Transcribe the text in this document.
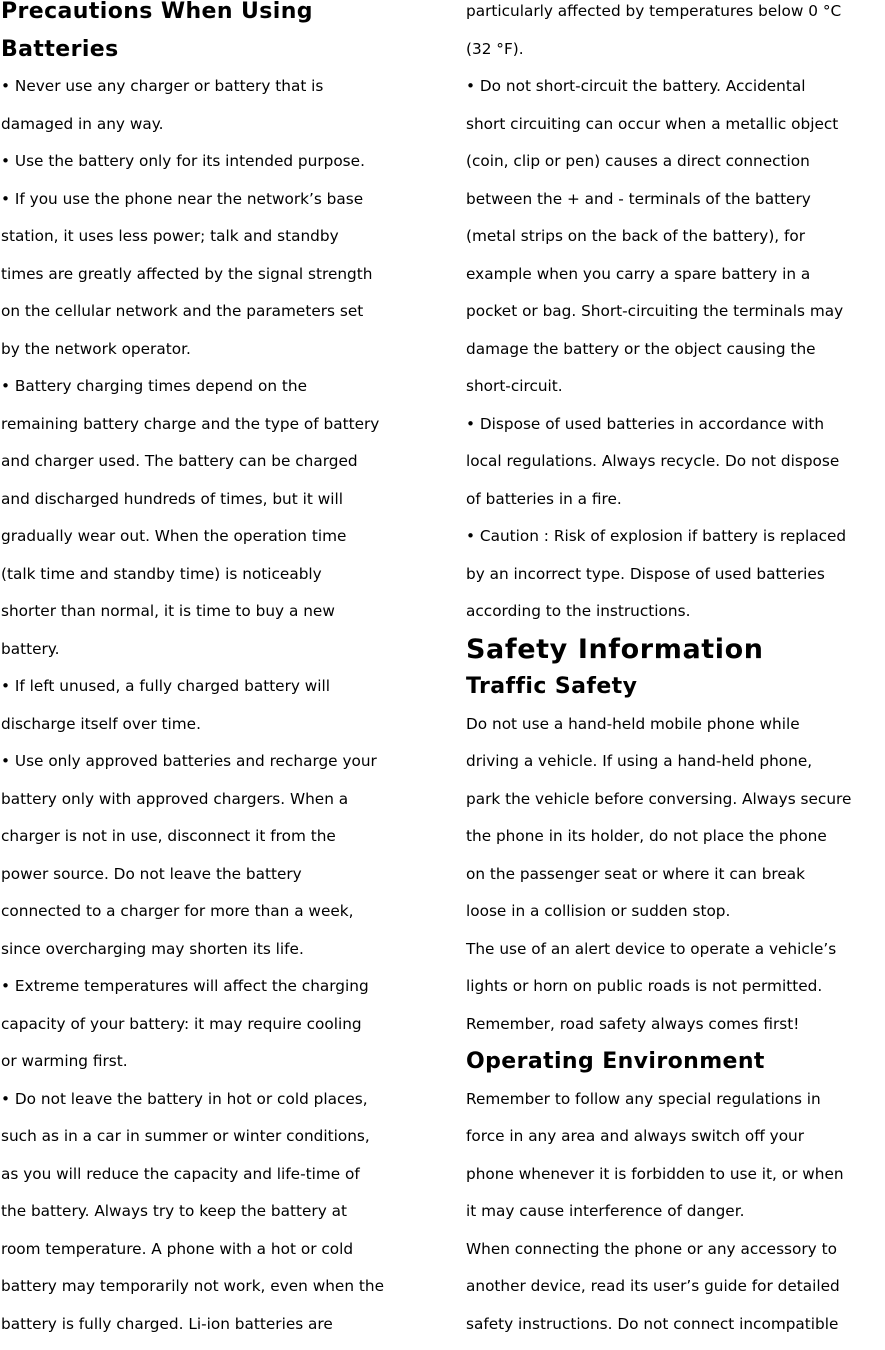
Precautions When Using
Batteries
• Never use any charger or battery that is
damaged in any way.
• Use the battery only for its intended purpose.
• If you use the phone near the network’s base
station, it uses less power; talk and standby
times are greatly affected by the signal strength
on the cellular network and the parameters set
by the network operator.
• Battery charging times depend on the
remaining battery charge and the type of battery
and charger used. The battery can be charged
and discharged hundreds of times, but it will
gradually wear out. When the operation time
(talk time and standby time) is noticeably
shorter than normal, it is time to buy a new
battery.
• If left unused, a fully charged battery will
discharge itself over time.
• Use only approved batteries and recharge your
battery only with approved chargers. When a
charger is not in use, disconnect it from the
power source. Do not leave the battery
connected to a charger for more than a week,
since overcharging may shorten its life.
• Extreme temperatures will affect the charging
capacity of your battery: it may require cooling
or warming first.
• Do not leave the battery in hot or cold places,
such as in a car in summer or winter conditions,
as you will reduce the capacity and life-time of
the battery. Always try to keep the battery at
room temperature. A phone with a hot or cold
battery may temporarily not work, even when the
battery is fully charged. Li-ion batteries are
particularly affected by temperatures below 0 °C
(32 °F).
• Do not short-circuit the battery. Accidental
short circuiting can occur when a metallic object
(coin, clip or pen) causes a direct connection
between the + and - terminals of the battery
(metal strips on the back of the battery), for
example when you carry a spare battery in a
pocket or bag. Short-circuiting the terminals may
damage the battery or the object causing the
short-circuit.
• Dispose of used batteries in accordance with
local regulations. Always recycle. Do not dispose
of batteries in a fire.
• Caution : Risk of explosion if battery is replaced
by an incorrect type. Dispose of used batteries
according to the instructions.
Safety Information
Traffic Safety
Do not use a hand-held mobile phone while
driving a vehicle. If using a hand-held phone,
park the vehicle before conversing. Always secure
the phone in its holder, do not place the phone
on the passenger seat or where it can break
loose in a collision or sudden stop.
The use of an alert device to operate a vehicle’s
lights or horn on public roads is not permitted.
Remember, road safety always comes first!
Operating Environment
Remember to follow any special regulations in
force in any area and always switch off your
phone whenever it is forbidden to use it, or when
it may cause interference of danger.
When connecting the phone or any accessory to
another device, read its user’s guide for detailed
safety instructions. Do not connect incompatible
